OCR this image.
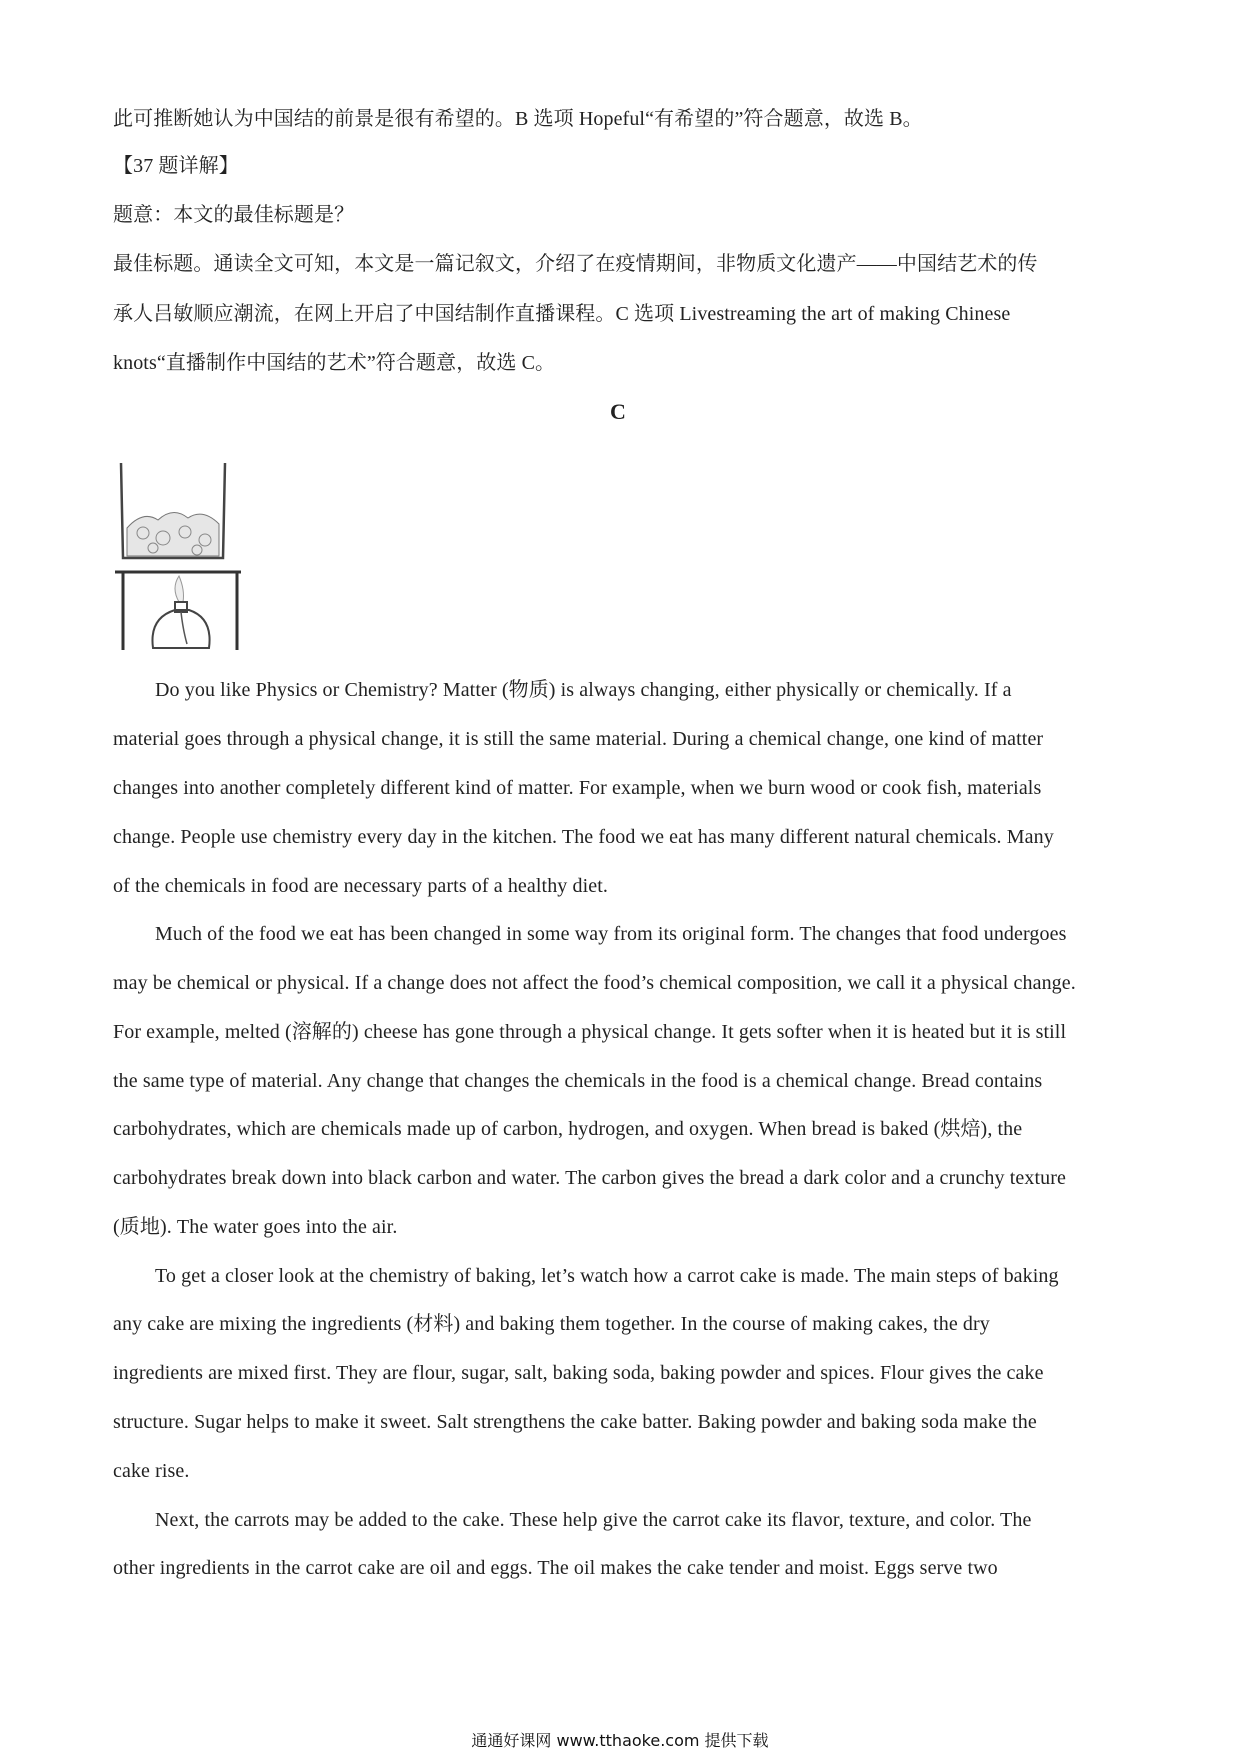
此可推断她认为中国结的前景是很有希望的。B 选项 Hopeful“有希望的”符合题意，故选 B。
【37 题详解】
题意：本文的最佳标题是？
最佳标题。通读全文可知，本文是一篇记叙文，介绍了在疫情期间，非物质文化遗产——中国结艺术的传
承人吕敏顺应潮流，在网上开启了中国结制作直播课程。C 选项 Livestreaming the art of making Chinese
knots“直播制作中国结的艺术”符合题意，故选 C。
C
Do you like Physics or Chemistry? Matter (物质) is always changing, either physically or chemically. If a
material goes through a physical change, it is still the same material. During a chemical change, one kind of matter
changes into another completely different kind of matter. For example, when we burn wood or cook fish, materials
change. People use chemistry every day in the kitchen. The food we eat has many different natural chemicals. Many
of the chemicals in food are necessary parts of a healthy diet.
Much of the food we eat has been changed in some way from its original form. The changes that food undergoes
may be chemical or physical. If a change does not affect the food’s chemical composition, we call it a physical change.
For example, melted (溶解的) cheese has gone through a physical change. It gets softer when it is heated but it is still
the same type of material. Any change that changes the chemicals in the food is a chemical change. Bread contains
carbohydrates, which are chemicals made up of carbon, hydrogen, and oxygen. When bread is baked (烘焙), the
carbohydrates break down into black carbon and water. The carbon gives the bread a dark color and a crunchy texture
(质地). The water goes into the air.
To get a closer look at the chemistry of baking, let’s watch how a carrot cake is made. The main steps of baking
any cake are mixing the ingredients (材料) and baking them together. In the course of making cakes, the dry
ingredients are mixed first. They are flour, sugar, salt, baking soda, baking powder and spices. Flour gives the cake
structure. Sugar helps to make it sweet. Salt strengthens the cake batter. Baking powder and baking soda make the
cake rise.
Next, the carrots may be added to the cake. These help give the carrot cake its flavor, texture, and color. The
other ingredients in the carrot cake are oil and eggs. The oil makes the cake tender and moist. Eggs serve two
通通好课网 www.tthaoke.com 提供下载
